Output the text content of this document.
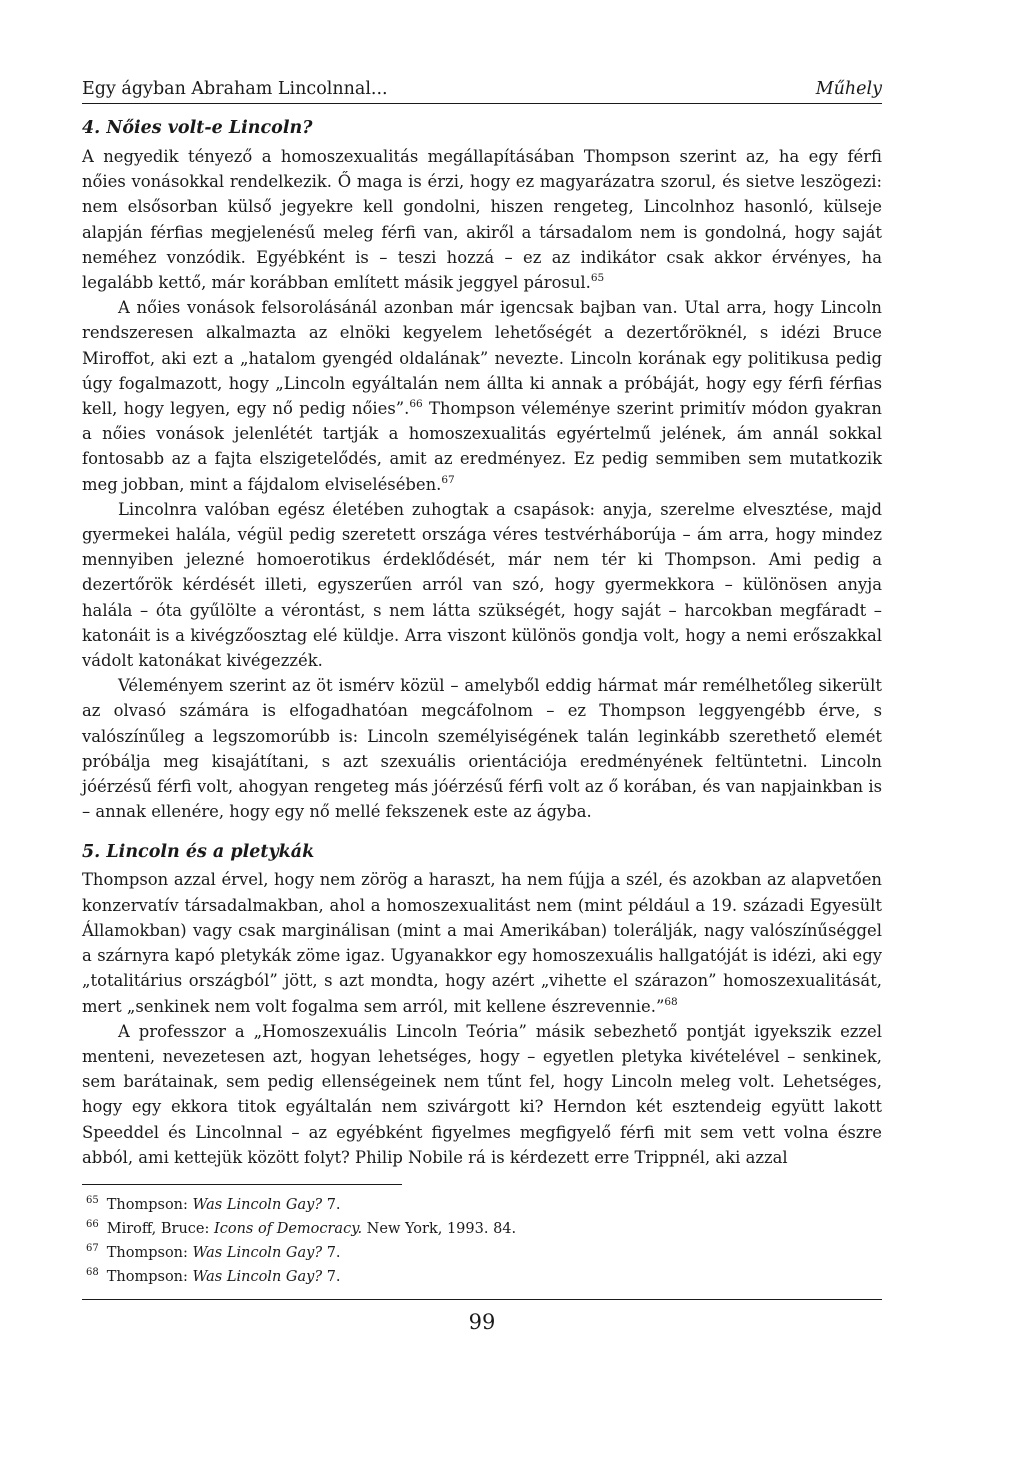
Egy ágyban Abraham Lincolnnal...	Műhely
4. Nőies volt-e Lincoln?

A negyedik tényező a homoszexualitás megállapításában Thompson szerint az, ha egy férfi nőies vonásokkal rendelkezik. Ő maga is érzi, hogy ez magyarázatra szorul, és sietve leszögezi: nem elsősorban külső jegyekre kell gondolni, hiszen rengeteg, Lincolnhoz hasonló, külseje alapján férfias megjelenésű meleg férfi van, akiről a társadalom nem is gondolná, hogy saját neméhez vonzódik. Egyébként is – teszi hozzá – ez az indikátor csak akkor érvényes, ha legalább kettő, már korábban említett másik jeggyel párosul.$^{65}$

A nőies vonások felsorolásánál azonban már igencsak bajban van. Utal arra, hogy Lincoln rendszeresen alkalmazta az elnöki kegyelem lehetőségét a dezertőröknél, s idézi Bruce Miroffot, aki ezt a „hatalom gyengéd oldalának” nevezte. Lincoln korának egy politikusa pedig úgy fogalmazott, hogy „Lincoln egyáltalán nem állta ki annak a próbáját, hogy egy férfi férfias kell, hogy legyen, egy nő pedig nőies”.$^{66}$ Thompson véleménye szerint primitív módon gyakran a nőies vonások jelenlétét tartják a homoszexualitás egyértelmű jelének, ám annál sokkal fontosabb az a fajta elszigetelődés, amit az eredményez. Ez pedig semmiben sem mutatkozik meg jobban, mint a fájdalom elviselésében.$^{67}$

Lincolnra valóban egész életében zuhogtak a csapások: anyja, szerelme elvesztése, majd gyermekei halála, végül pedig szeretett országa véres testvérháborúja – ám arra, hogy mindez mennyiben jelezné homoerotikus érdeklődését, már nem tér ki Thompson. Ami pedig a dezertőrök kérdését illeti, egyszerűen arról van szó, hogy gyermekkora – különösen anyja halála – óta gyűlölte a vérontást, s nem látta szükségét, hogy saját – harcokban megfáradt – katonáit is a kivégzőosztag elé küldje. Arra viszont különös gondja volt, hogy a nemi erőszakkal vádolt katonákat kivégezzék.

Véleményem szerint az öt ismérv közül – amelyből eddig hármat már remélhetőleg sikerült az olvasó számára is elfogadhatóan megcáfolnom – ez Thompson leggyengébb érve, s valószínűleg a legszomorúbb is: Lincoln személyiségének talán leginkább szerethető elemét próbálja meg kisajátítani, s azt szexuális orientációja eredményének feltüntetni. Lincoln jóérzésű férfi volt, ahogyan rengeteg más jóérzésű férfi volt az ő korában, és van napjainkban is – annak ellenére, hogy egy nő mellé fekszenek este az ágyba.

5. Lincoln és a pletykák

Thompson azzal érvel, hogy nem zörög a haraszt, ha nem fújja a szél, és azokban az alapvetően konzervatív társadalmakban, ahol a homoszexualitást nem (mint például a 19. századi Egyesült Államokban) vagy csak marginálisan (mint a mai Amerikában) tolerálják, nagy valószínűséggel a szárnyra kapó pletykák zöme igaz. Ugyanakkor egy homoszexuális hallgatóját is idézi, aki egy „totalitárius országból” jött, s azt mondta, hogy azért „vihette el szárazon” homoszexualitását, mert „senkinek nem volt fogalma sem arról, mit kellene észrevennie.”$^{68}$

A professzor a „Homoszexuális Lincoln Teória” másik sebezhető pontját igyekszik ezzel menteni, nevezetesen azt, hogyan lehetséges, hogy – egyetlen pletyka kivételével – senkinek, sem barátainak, sem pedig ellenségeinek nem tűnt fel, hogy Lincoln meleg volt. Lehetséges, hogy egy ekkora titok egyáltalán nem szivárgott ki? Herndon két esztendeig együtt lakott Speeddel és Lincolnnal – az egyébként figyelmes megfigyelő férfi mit sem vett volna észre abból, ami kettejük között folyt? Philip Nobile rá is kérdezett erre Trippnél, aki azzal

$^{65}$ Thompson: Was Lincoln Gay? 7.
$^{66}$ Miroff, Bruce: Icons of Democracy. New York, 1993. 84.
$^{67}$ Thompson: Was Lincoln Gay? 7.
$^{68}$ Thompson: Was Lincoln Gay? 7.
99
